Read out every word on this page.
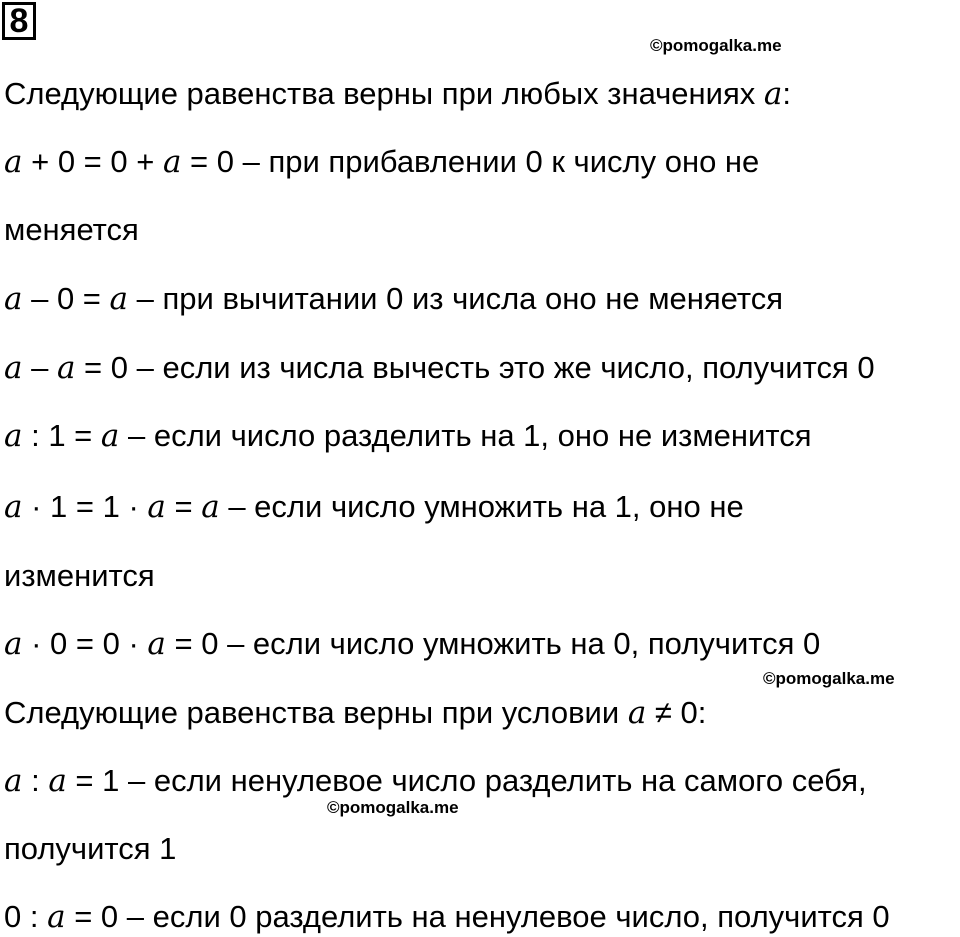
8
©pomogalka.me
©pomogalka.me
©pomogalka.me
Следующие равенства верны при любых значениях a:
a + 0 = 0 + a = 0 – при прибавлении 0 к числу оно не
меняется
a – 0 = a – при вычитании 0 из числа оно не меняется
a – a = 0 – если из числа вычесть это же число, получится 0
a : 1 = a – если число разделить на 1, оно не изменится
a · 1 = 1 · a = a – если число умножить на 1, оно не
изменится
a · 0 = 0 · a = 0 – если число умножить на 0, получится 0
Следующие равенства верны при условии a ≠ 0:
a : a = 1 – если ненулевое число разделить на самого себя,
получится 1
0 : a = 0 – если 0 разделить на ненулевое число, получится 0
